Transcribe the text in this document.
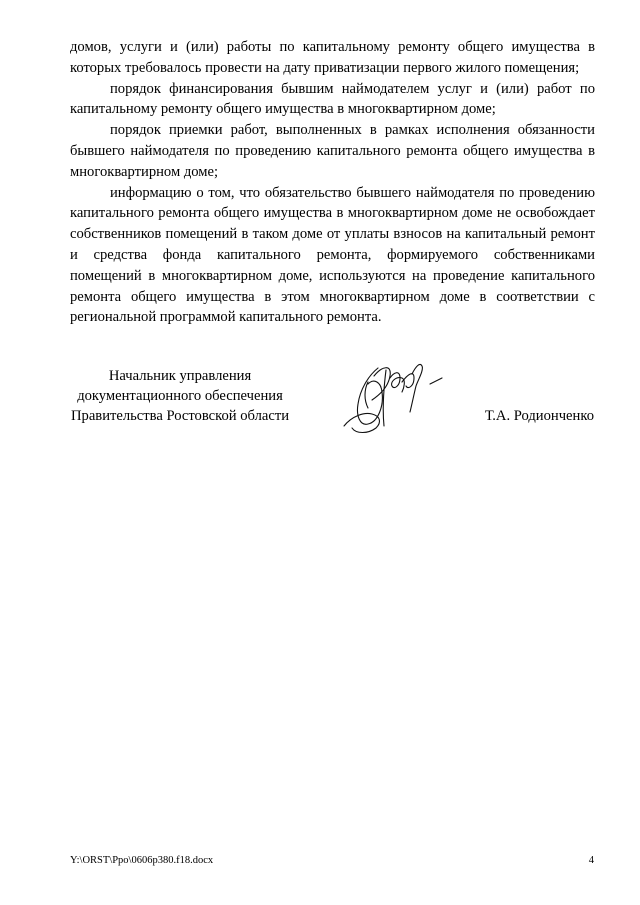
домов, услуги и (или) работы по капитальному ремонту общего имущества в которых требовалось провести на дату приватизации первого жилого помещения;

порядок финансирования бывшим наймодателем услуг и (или) работ по капитальному ремонту общего имущества в многоквартирном доме;

порядок приемки работ, выполненных в рамках исполнения обязанности бывшего наймодателя по проведению капитального ремонта общего имущества в многоквартирном доме;

информацию о том, что обязательство бывшего наймодателя по проведению капитального ремонта общего имущества в многоквартирном доме не освобождает собственников помещений в таком доме от уплаты взносов на капитальный ремонт и средства фонда капитального ремонта, формируемого собственниками помещений в многоквартирном доме, используются на проведение капитального ремонта общего имущества в этом многоквартирном доме в соответствии с региональной программой капитального ремонта.

Начальник управления
документационного обеспечения
Правительства Ростовской области	Т.А. Родионченко
Y:\ORST\Ppo\0606p380.f18.docx	4
